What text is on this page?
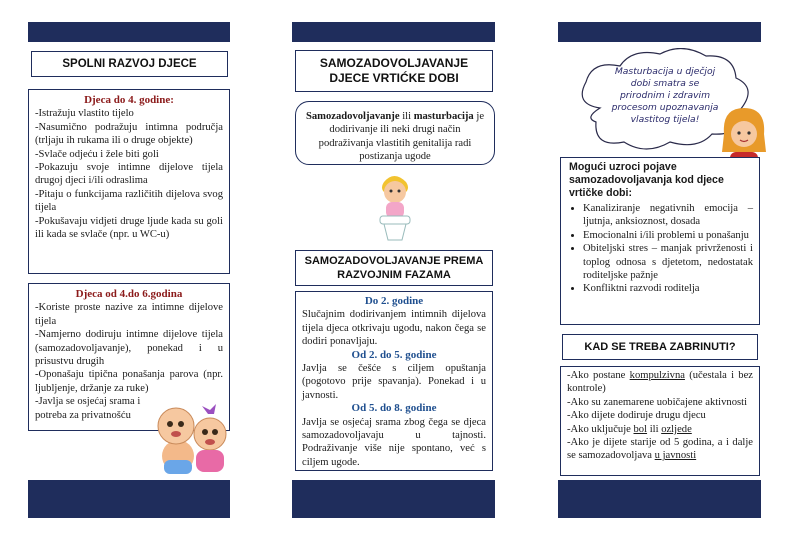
SPOLNI RAZVOJ DJECE

Djeca do 4. godine:

-Istražuju vlastito tijelo

-Nasumično podražuju intimna područja (trljaju ih rukama ili o druge objekte)

-Svlače odjeću i žele biti goli

-Pokazuju svoje intimne dijelove tijela drugoj djeci i/ili odraslima

-Pitaju o funkcijama različitih dijelova svog tijela

-Pokušavaju vidjeti druge ljude kada su goli ili kada se svlače (npr. u WC-u)

Djeca od 4.do 6.godina

-Koriste proste nazive za intimne dijelove tijela

-Namjerno dodiruju intimne dijelove tijela (samozadovoljavanje), ponekad i u prisustvu drugih

-Oponašaju tipična ponašanja parova (npr. ljubljenje, držanje za ruke)

-Javlja se osjećaj srama i

potreba za privatnošću

SAMOZADOVOLJAVANJE
DJECE VRTIĆKE DOBI
Samozadovoljavanje ili masturbacija je dodirivanje ili neki drugi način podraživanja vlastitih genitalija radi postizanja ugode
SAMOZADOVOLJAVANJE PREMA
RAZVOJNIM FAZAMA

Do 2. godine

Slučajnim dodirivanjem intimnih dijelova tijela djeca otkrivaju ugodu, nakon čega se dodiri ponavljaju.

Od 2. do 5. godine

Javlja se češće s ciljem opuštanja (pogotovo prije spavanja). Ponekad i u javnosti.

Od 5. do 8. godine

Javlja se osjećaj srama zbog čega se djeca samozadovoljavaju u tajnosti. Podraživanje više nije spontano, već s ciljem ugode.

Masturbacija u dječjoj
dobi smatra se
prirodnim i zdravim
procesom upoznavanja
vlastitog tijela!

Mogući uzroci pojave samozadovoljavanja kod djece vrtičke dobi:

• Kanaliziranje negativnih emocija – ljutnja, anksioznost, dosada
• Emocionalni i/ili problemi u ponašanju
• Obiteljski stres – manjak privrženosti i toplog odnosa s djetetom, nedostatak roditeljske pažnje
• Konfliktni razvodi roditelja
KAD SE TREBA ZABRINUTI?

-Ako postane kompulzivna (učestala i bez kontrole)

-Ako su zanemarene uobičajene aktivnosti

-Ako dijete dodiruje drugu djecu

-Ako uključuje bol ili ozljede

-Ako je dijete starije od 5 godina, a i dalje se samozadovoljava u javnosti
